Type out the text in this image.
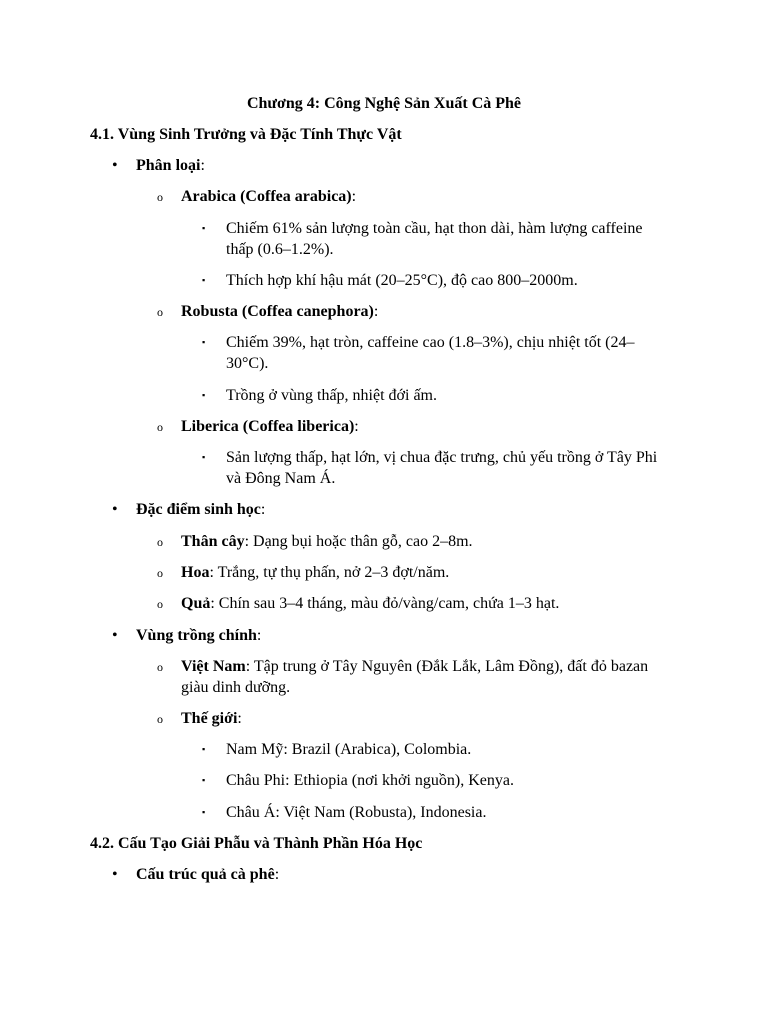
Chương 4: Công Nghệ Sản Xuất Cà Phê
4.1. Vùng Sinh Trưởng và Đặc Tính Thực Vật
• Phân loại:
o Arabica (Coffea arabica):
▪ Chiếm 61% sản lượng toàn cầu, hạt thon dài, hàm lượng caffeine thấp (0.6–1.2%).
▪ Thích hợp khí hậu mát (20–25°C), độ cao 800–2000m.
o Robusta (Coffea canephora):
▪ Chiếm 39%, hạt tròn, caffeine cao (1.8–3%), chịu nhiệt tốt (24–30°C).
▪ Trồng ở vùng thấp, nhiệt đới ấm.
o Liberica (Coffea liberica):
▪ Sản lượng thấp, hạt lớn, vị chua đặc trưng, chủ yếu trồng ở Tây Phi và Đông Nam Á.
• Đặc điểm sinh học:
o Thân cây: Dạng bụi hoặc thân gỗ, cao 2–8m.
o Hoa: Trắng, tự thụ phấn, nở 2–3 đợt/năm.
o Quả: Chín sau 3–4 tháng, màu đỏ/vàng/cam, chứa 1–3 hạt.
• Vùng trồng chính:
o Việt Nam: Tập trung ở Tây Nguyên (Đắk Lắk, Lâm Đồng), đất đỏ bazan giàu dinh dưỡng.
o Thế giới:
▪ Nam Mỹ: Brazil (Arabica), Colombia.
▪ Châu Phi: Ethiopia (nơi khởi nguồn), Kenya.
▪ Châu Á: Việt Nam (Robusta), Indonesia.
4.2. Cấu Tạo Giải Phẫu và Thành Phần Hóa Học
• Cấu trúc quả cà phê:
